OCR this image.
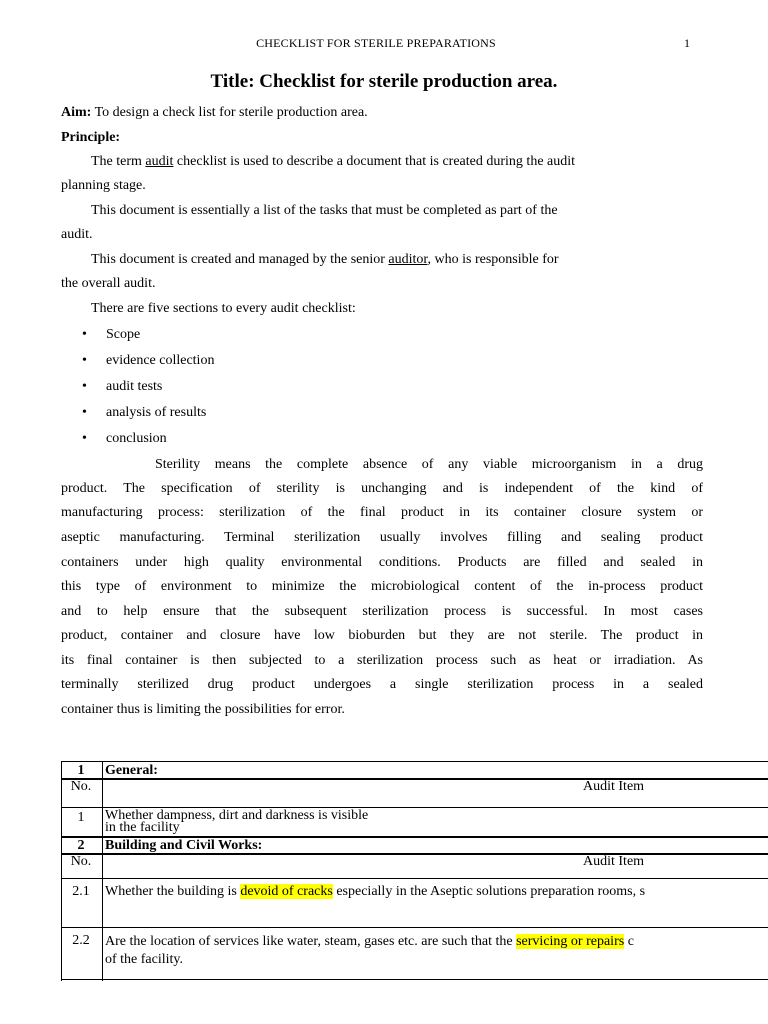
CHECKLIST FOR STERILE PREPARATIONS	1
Title: Checklist for sterile production area.
Aim: To design a check list for sterile production area.
Principle:
The term audit checklist is used to describe a document that is created during the audit
planning stage.
This document is essentially a list of the tasks that must be completed as part of the
audit.
This document is created and managed by the senior auditor, who is responsible for
the overall audit.
There are five sections to every audit checklist:
• Scope
• evidence collection
• audit tests
• analysis of results
• conclusion
Sterility means the complete absence of any viable microorganism in a drug
product. The specification of sterility is unchanging and is independent of the kind of
manufacturing process: sterilization of the final product in its container closure system or
aseptic manufacturing. Terminal sterilization usually involves filling and sealing product
containers under high quality environmental conditions. Products are filled and sealed in
this type of environment to minimize the microbiological content of the in-process product
and to help ensure that the subsequent sterilization process is successful. In most cases
product, container and closure have low bioburden but they are not sterile. The product in
its final container is then subjected to a sterilization process such as heat or irradiation. As
terminally sterilized drug product undergoes a single sterilization process in a sealed
container thus is limiting the possibilities for error.
1	General:
No.	Audit Item
1	Whether dampness, dirt and darkness is visible
in the facility
2	Building and Civil Works:
No.	Audit Item
2.1	Whether the building is devoid of cracks especially in the Aseptic solutions preparation rooms, s
2.2	Are the location of services like water, steam, gases etc. are such that the servicing or repairs c
of the facility.
